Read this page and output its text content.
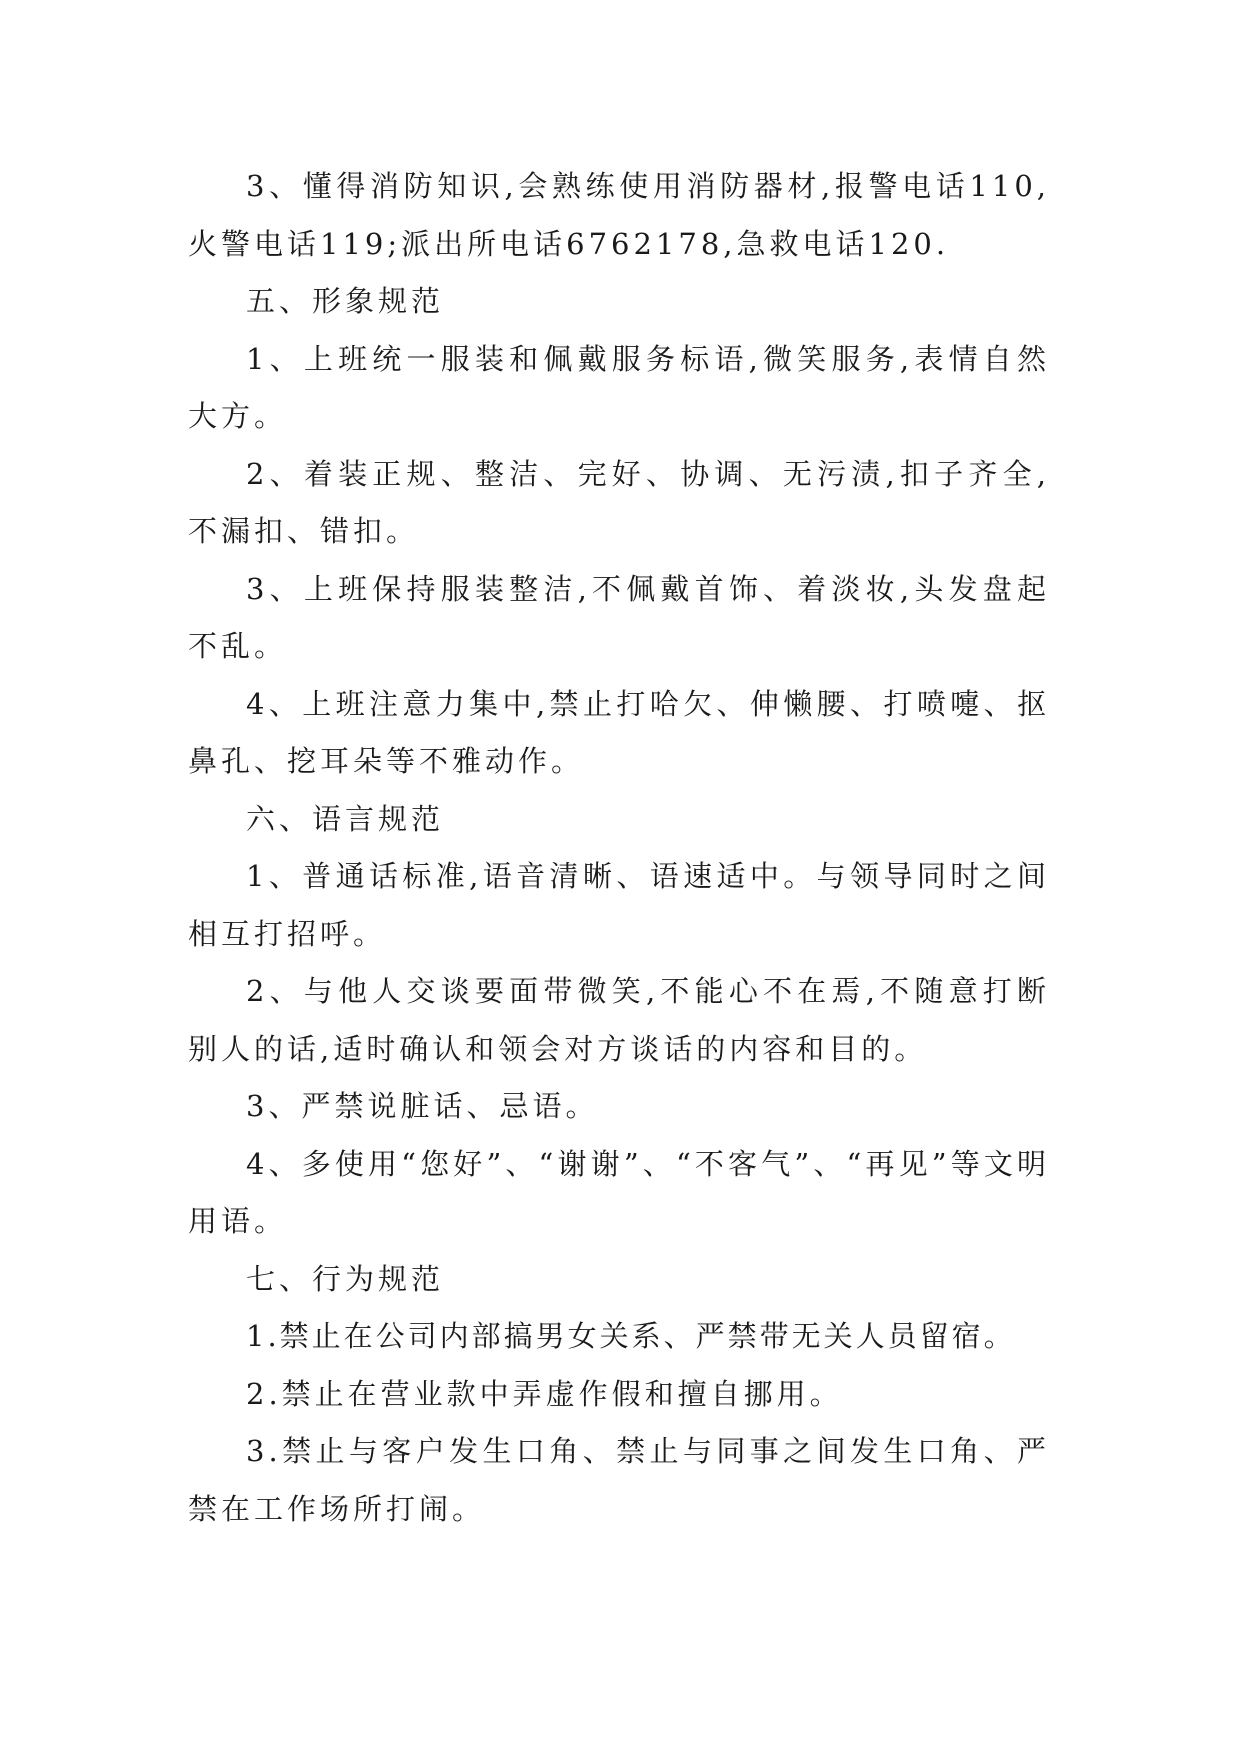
3、懂得消防知识,会熟练使用消防器材,报警电话110,火警电话119;派出所电话6762178,急救电话120.

五、形象规范

1、上班统一服装和佩戴服务标语,微笑服务,表情自然大方。

2、着装正规、整洁、完好、协调、无污渍,扣子齐全,不漏扣、错扣。

3、上班保持服装整洁,不佩戴首饰、着淡妆,头发盘起不乱。

4、上班注意力集中,禁止打哈欠、伸懒腰、打喷嚏、抠鼻孔、挖耳朵等不雅动作。

六、语言规范

1、普通话标准,语音清晰、语速适中。与领导同时之间相互打招呼。

2、与他人交谈要面带微笑,不能心不在焉,不随意打断别人的话,适时确认和领会对方谈话的内容和目的。

3、严禁说脏话、忌语。

4、多使用“您好”、“谢谢”、“不客气”、“再见”等文明用语。

七、行为规范

1.禁止在公司内部搞男女关系、严禁带无关人员留宿。

2.禁止在营业款中弄虚作假和擅自挪用。

3.禁止与客户发生口角、禁止与同事之间发生口角、严禁在工作场所打闹。
